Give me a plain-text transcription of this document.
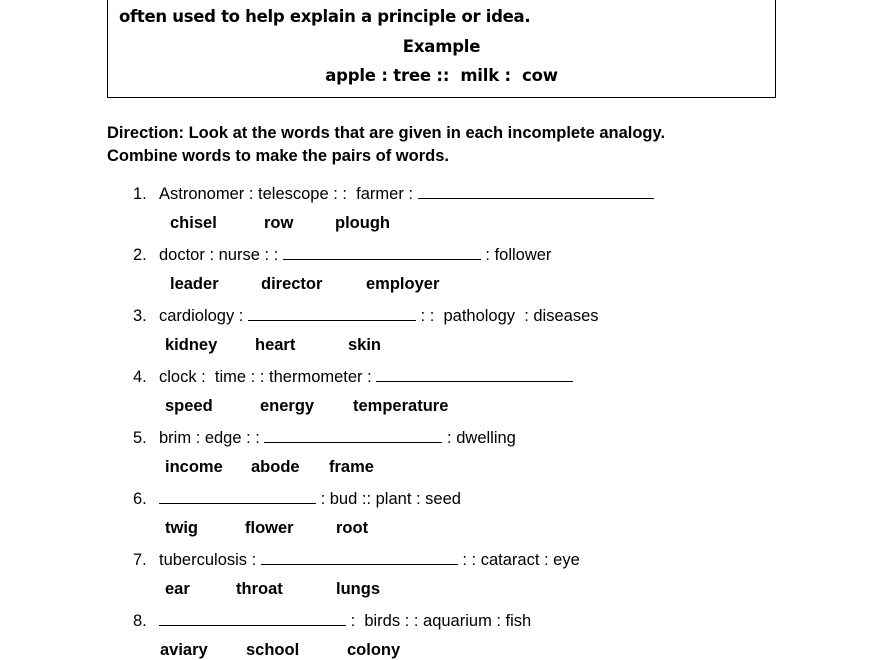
often used to help explain a principle or idea.
Example
apple : tree ::  milk :  cow
Direction: Look at the words that are given in each incomplete analogy.
Combine words to make the pairs of words.
1. Astronomer : telescope : :  farmer :
chisel	row	plough
2. doctor : nurse : :	: follower
leader	director	employer
3. cardiology :	: :  pathology  : diseases
kidney heart	skin
4. clock :  time : : thermometer :
speed	energy temperature
5. brim : edge : :	: dwelling
income abode frame
6.	: bud :: plant : seed
twig	flower	root
7. tuberculosis :	: : cataract : eye
ear	throat	lungs
8.	:  birds : : aquarium : fish
aviary school	colony
